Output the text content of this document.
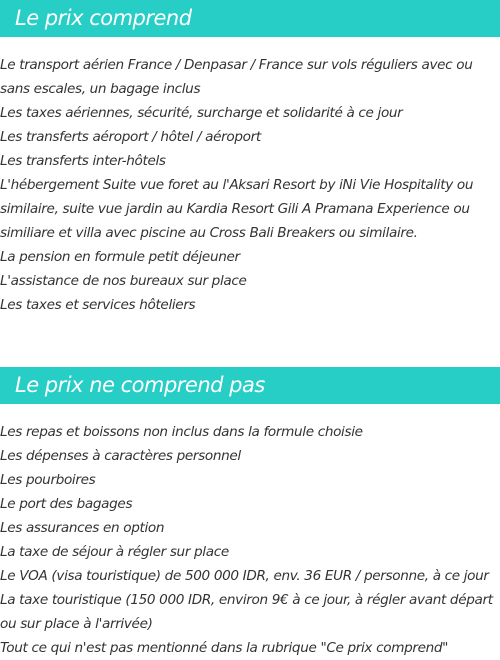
Le prix comprend
Le transport aérien France / Denpasar / France sur vols réguliers avec ou sans escales, un bagage inclus
Les taxes aériennes, sécurité, surcharge et solidarité à ce jour
Les transferts aéroport / hôtel / aéroport
Les transferts inter-hôtels
L'hébergement Suite vue foret au l'Aksari Resort by iNi Vie Hospitality ou similaire, suite vue jardin au Kardia Resort Gili A Pramana Experience ou similiare et villa avec piscine au Cross Bali Breakers ou similaire.
La pension en formule petit déjeuner
L'assistance de nos bureaux sur place
Les taxes et services hôteliers
Le prix ne comprend pas
Les repas et boissons non inclus dans la formule choisie
Les dépenses à caractères personnel
Les pourboires
Le port des bagages
Les assurances en option
La taxe de séjour à régler sur place
Le VOA (visa touristique) de 500 000 IDR, env. 36 EUR / personne, à ce jour
La taxe touristique (150 000 IDR, environ 9€ à ce jour, à régler avant départ ou sur place à l'arrivée)
Tout ce qui n'est pas mentionné dans la rubrique "Ce prix comprend"
